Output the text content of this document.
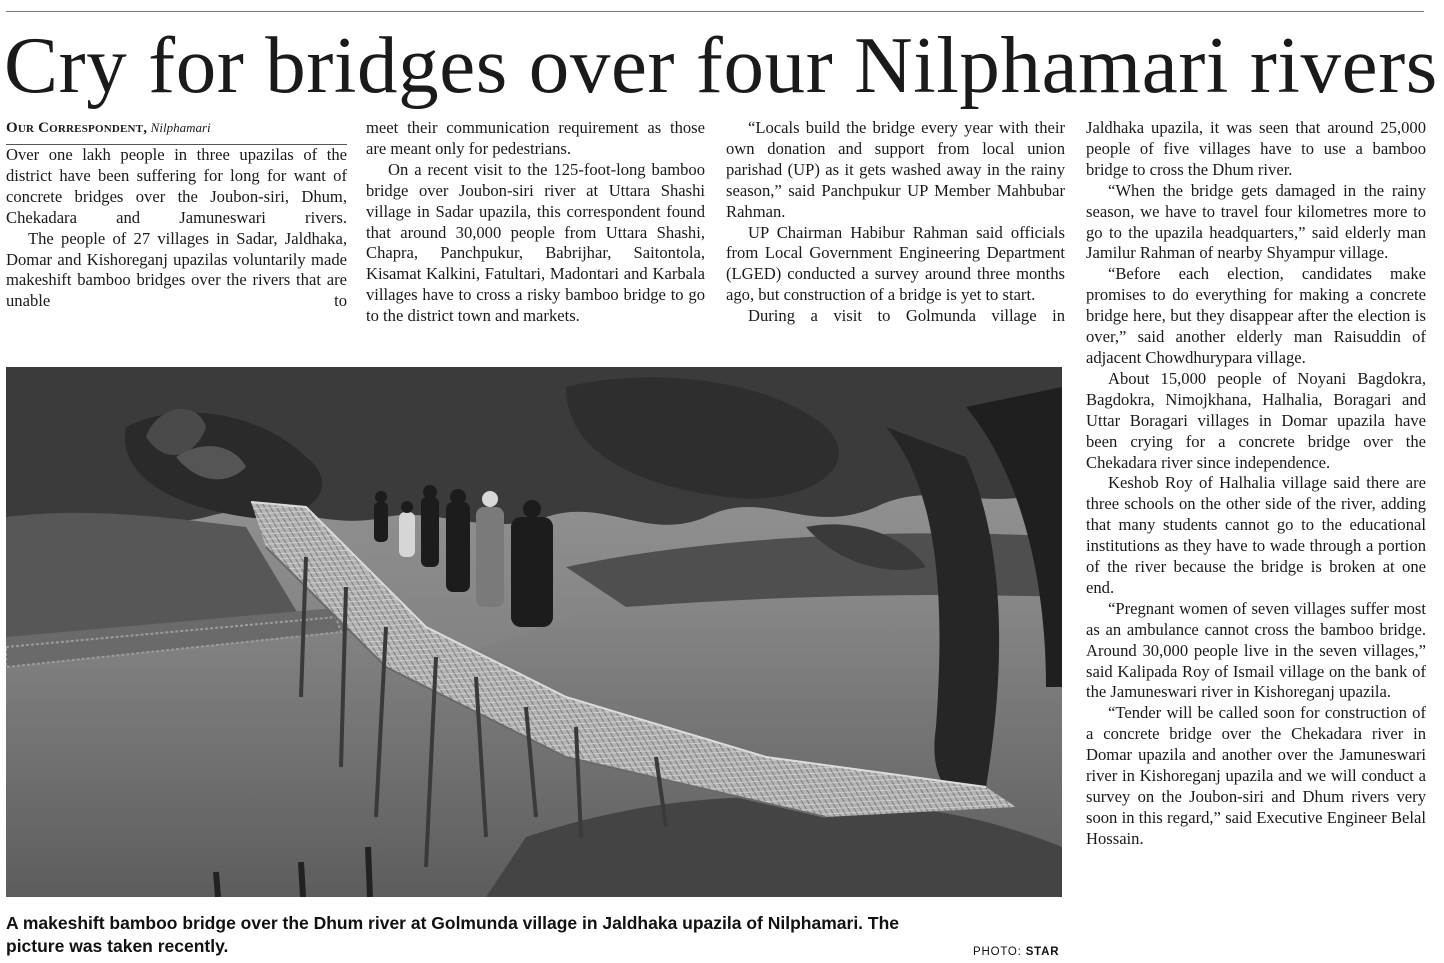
Cry for bridges over four Nilphamari rivers

Our Correspondent, Nilphamari

Over one lakh people in three upazilas of the district have been suffering for long for want of concrete bridges over the Joubon-siri, Dhum, Chekadara and Jamuneswari rivers.

The people of 27 villages in Sadar, Jaldhaka, Domar and Kishoreganj upazilas voluntarily made makeshift bamboo bridges over the rivers that are unable to

meet their communication requirement as those are meant only for pedestrians.

On a recent visit to the 125-foot-long bamboo bridge over Joubon-siri river at Uttara Shashi village in Sadar upazila, this correspondent found that around 30,000 people from Uttara Shashi, Chapra, Panchpukur, Babrijhar, Saitontola, Kisamat Kalkini, Fatultari, Madontari and Karbala villages have to cross a risky bamboo bridge to go to the district town and markets.

“Locals build the bridge every year with their own donation and support from local union parishad (UP) as it gets washed away in the rainy season,” said Panchpukur UP Member Mahbubar Rahman.

UP Chairman Habibur Rahman said officials from Local Government Engineering Department (LGED) conducted a survey around three months ago, but construction of a bridge is yet to start.

During a visit to Golmunda village in

Jaldhaka upazila, it was seen that around 25,000 people of five villages have to use a bamboo bridge to cross the Dhum river.

“When the bridge gets damaged in the rainy season, we have to travel four kilometres more to go to the upazila headquarters,” said elderly man Jamilur Rahman of nearby Shyampur village.

“Before each election, candidates make promises to do everything for making a concrete bridge here, but they disappear after the election is over,” said another elderly man Raisuddin of adjacent Chowdhurypara village.

About 15,000 people of Noyani Bagdokra, Bagdokra, Nimojkhana, Halhalia, Boragari and Uttar Boragari villages in Domar upazila have been crying for a concrete bridge over the Chekadara river since independence.

Keshob Roy of Halhalia village said there are three schools on the other side of the river, adding that many students cannot go to the educational institutions as they have to wade through a portion of the river because the bridge is broken at one end.

“Pregnant women of seven villages suffer most as an ambulance cannot cross the bamboo bridge. Around 30,000 people live in the seven villages,” said Kalipada Roy of Ismail village on the bank of the Jamuneswari river in Kishoreganj upazila.

“Tender will be called soon for construction of a concrete bridge over the Chekadara river in Domar upazila and another over the Jamuneswari river in Kishoreganj upazila and we will conduct a survey on the Joubon-siri and Dhum rivers very soon in this regard,” said Executive Engineer Belal Hossain.

A makeshift bamboo bridge over the Dhum river at Golmunda village in Jaldhaka upazila of Nilphamari. The picture was taken recently.	PHOTO: STAR
